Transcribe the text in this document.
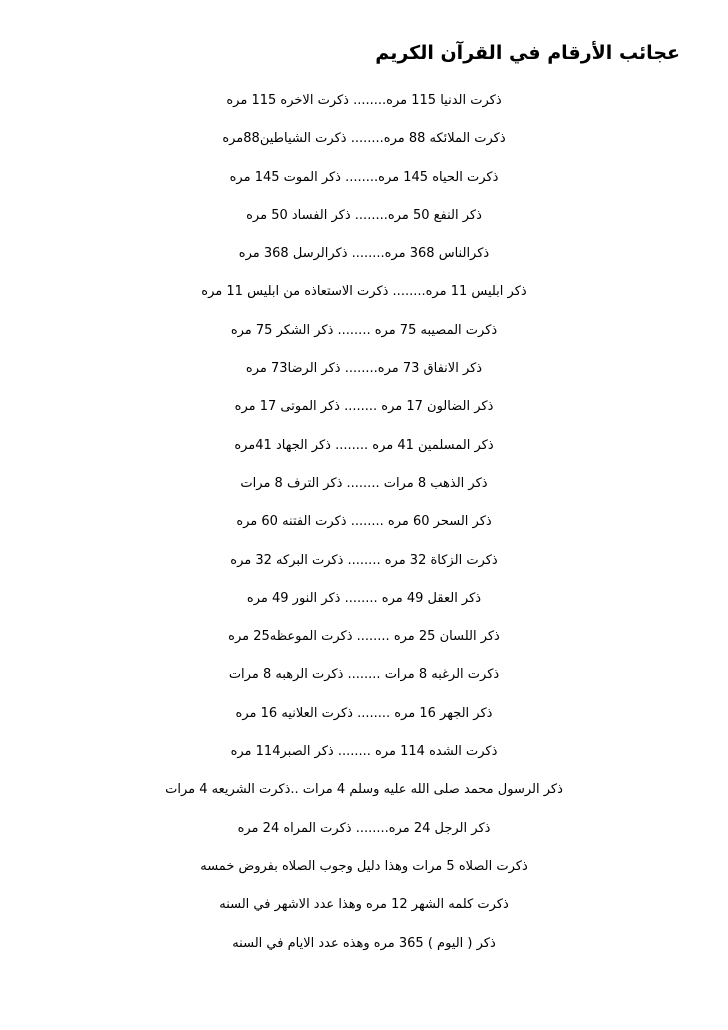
عجائب الأرقام في القرآن الكريم
ذكرت الدنيا 115 مره........ ذكرت الاخره 115 مره
ذكرت الملائكه 88 مره........ ذكرت الشياطين88مره
ذكرت الحياه 145 مره........ ذكر الموت 145 مره
ذكر النفع 50 مره........ ذكر الفساد 50 مره
ذكرالناس 368 مره........ ذكرالرسل 368 مره
ذكر ابليس 11 مره........ ذكرت الاستعاذه من ابليس 11 مره
ذكرت المصيبه 75 مره ........ ذكر الشكر 75 مره
ذكر الانفاق 73 مره........ ذكر الرضا73 مره
ذكر الضالون 17 مره ........ ذكر الموتى 17 مره
ذكر المسلمين 41 مره ........ ذكر الجهاد 41مره
ذكر الذهب 8 مرات ........ ذكر الترف 8 مرات
ذكر السحر 60 مره ........ ذكرت الفتنه 60 مره
ذكرت الزكاة 32 مره ........ ذكرت البركه 32 مره
ذكر العقل 49 مره ........ ذكر النور 49 مره
ذكر اللسان 25 مره ........ ذكرت الموعظه25 مره
ذكرت الرغبه 8 مرات ........ ذكرت الرهبه 8 مرات
ذكر الجهر 16 مره ........ ذكرت العلانيه 16 مره
ذكرت الشده 114 مره ........ ذكر الصبر114 مره
ذكر الرسول محمد صلى الله عليه وسلم 4 مرات ..ذكرت الشريعه 4 مرات
ذكر الرجل 24 مره........ ذكرت المراه 24 مره
ذكرت الصلاه 5 مرات وهذا دليل وجوب الصلاه بفروض خمسه
ذكرت كلمه الشهر 12 مره وهذا عدد الاشهر في السنه
ذكر ( اليوم ) 365 مره وهذه عدد الايام في السنه
